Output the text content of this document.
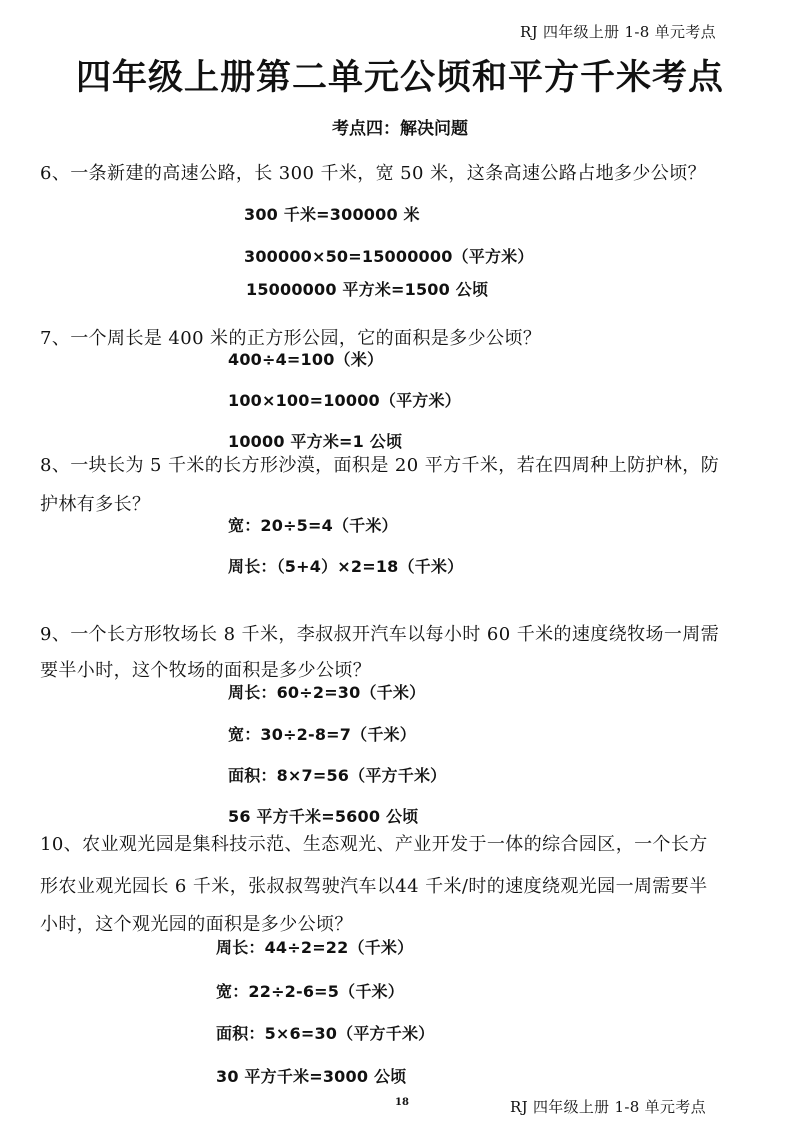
RJ 四年级上册 1-8 单元考点
四年级上册第二单元公顷和平方千米考点
考点四：解决问题
6、一条新建的高速公路，长 300 千米，宽 50 米，这条高速公路占地多少公顷？
300 千米=300000 米
300000×50=15000000（平方米）
15000000 平方米=1500 公顷
7、一个周长是 400 米的正方形公园，它的面积是多少公顷？
400÷4=100（米）
100×100=10000（平方米）
10000 平方米=1 公顷
8、一块长为 5 千米的长方形沙漠，面积是 20 平方千米，若在四周种上防护林，防
护林有多长？
宽：20÷5=4（千米）
周长：（5+4）×2=18（千米）
9、一个长方形牧场长 8 千米，李叔叔开汽车以每小时 60 千米的速度绕牧场一周需
要半小时，这个牧场的面积是多少公顷？
周长：60÷2=30（千米）
宽：30÷2-8=7（千米）
面积：8×7=56（平方千米）
56 平方千米=5600 公顷
10、农业观光园是集科技示范、生态观光、产业开发于一体的综合园区，一个长方
形农业观光园长 6 千米，张叔叔驾驶汽车以44 千米/时的速度绕观光园一周需要半
小时，这个观光园的面积是多少公顷？
周长：44÷2=22（千米）
宽：22÷2-6=5（千米）
面积：5×6=30（平方千米）
30 平方千米=3000 公顷
18	RJ 四年级上册 1-8 单元考点
